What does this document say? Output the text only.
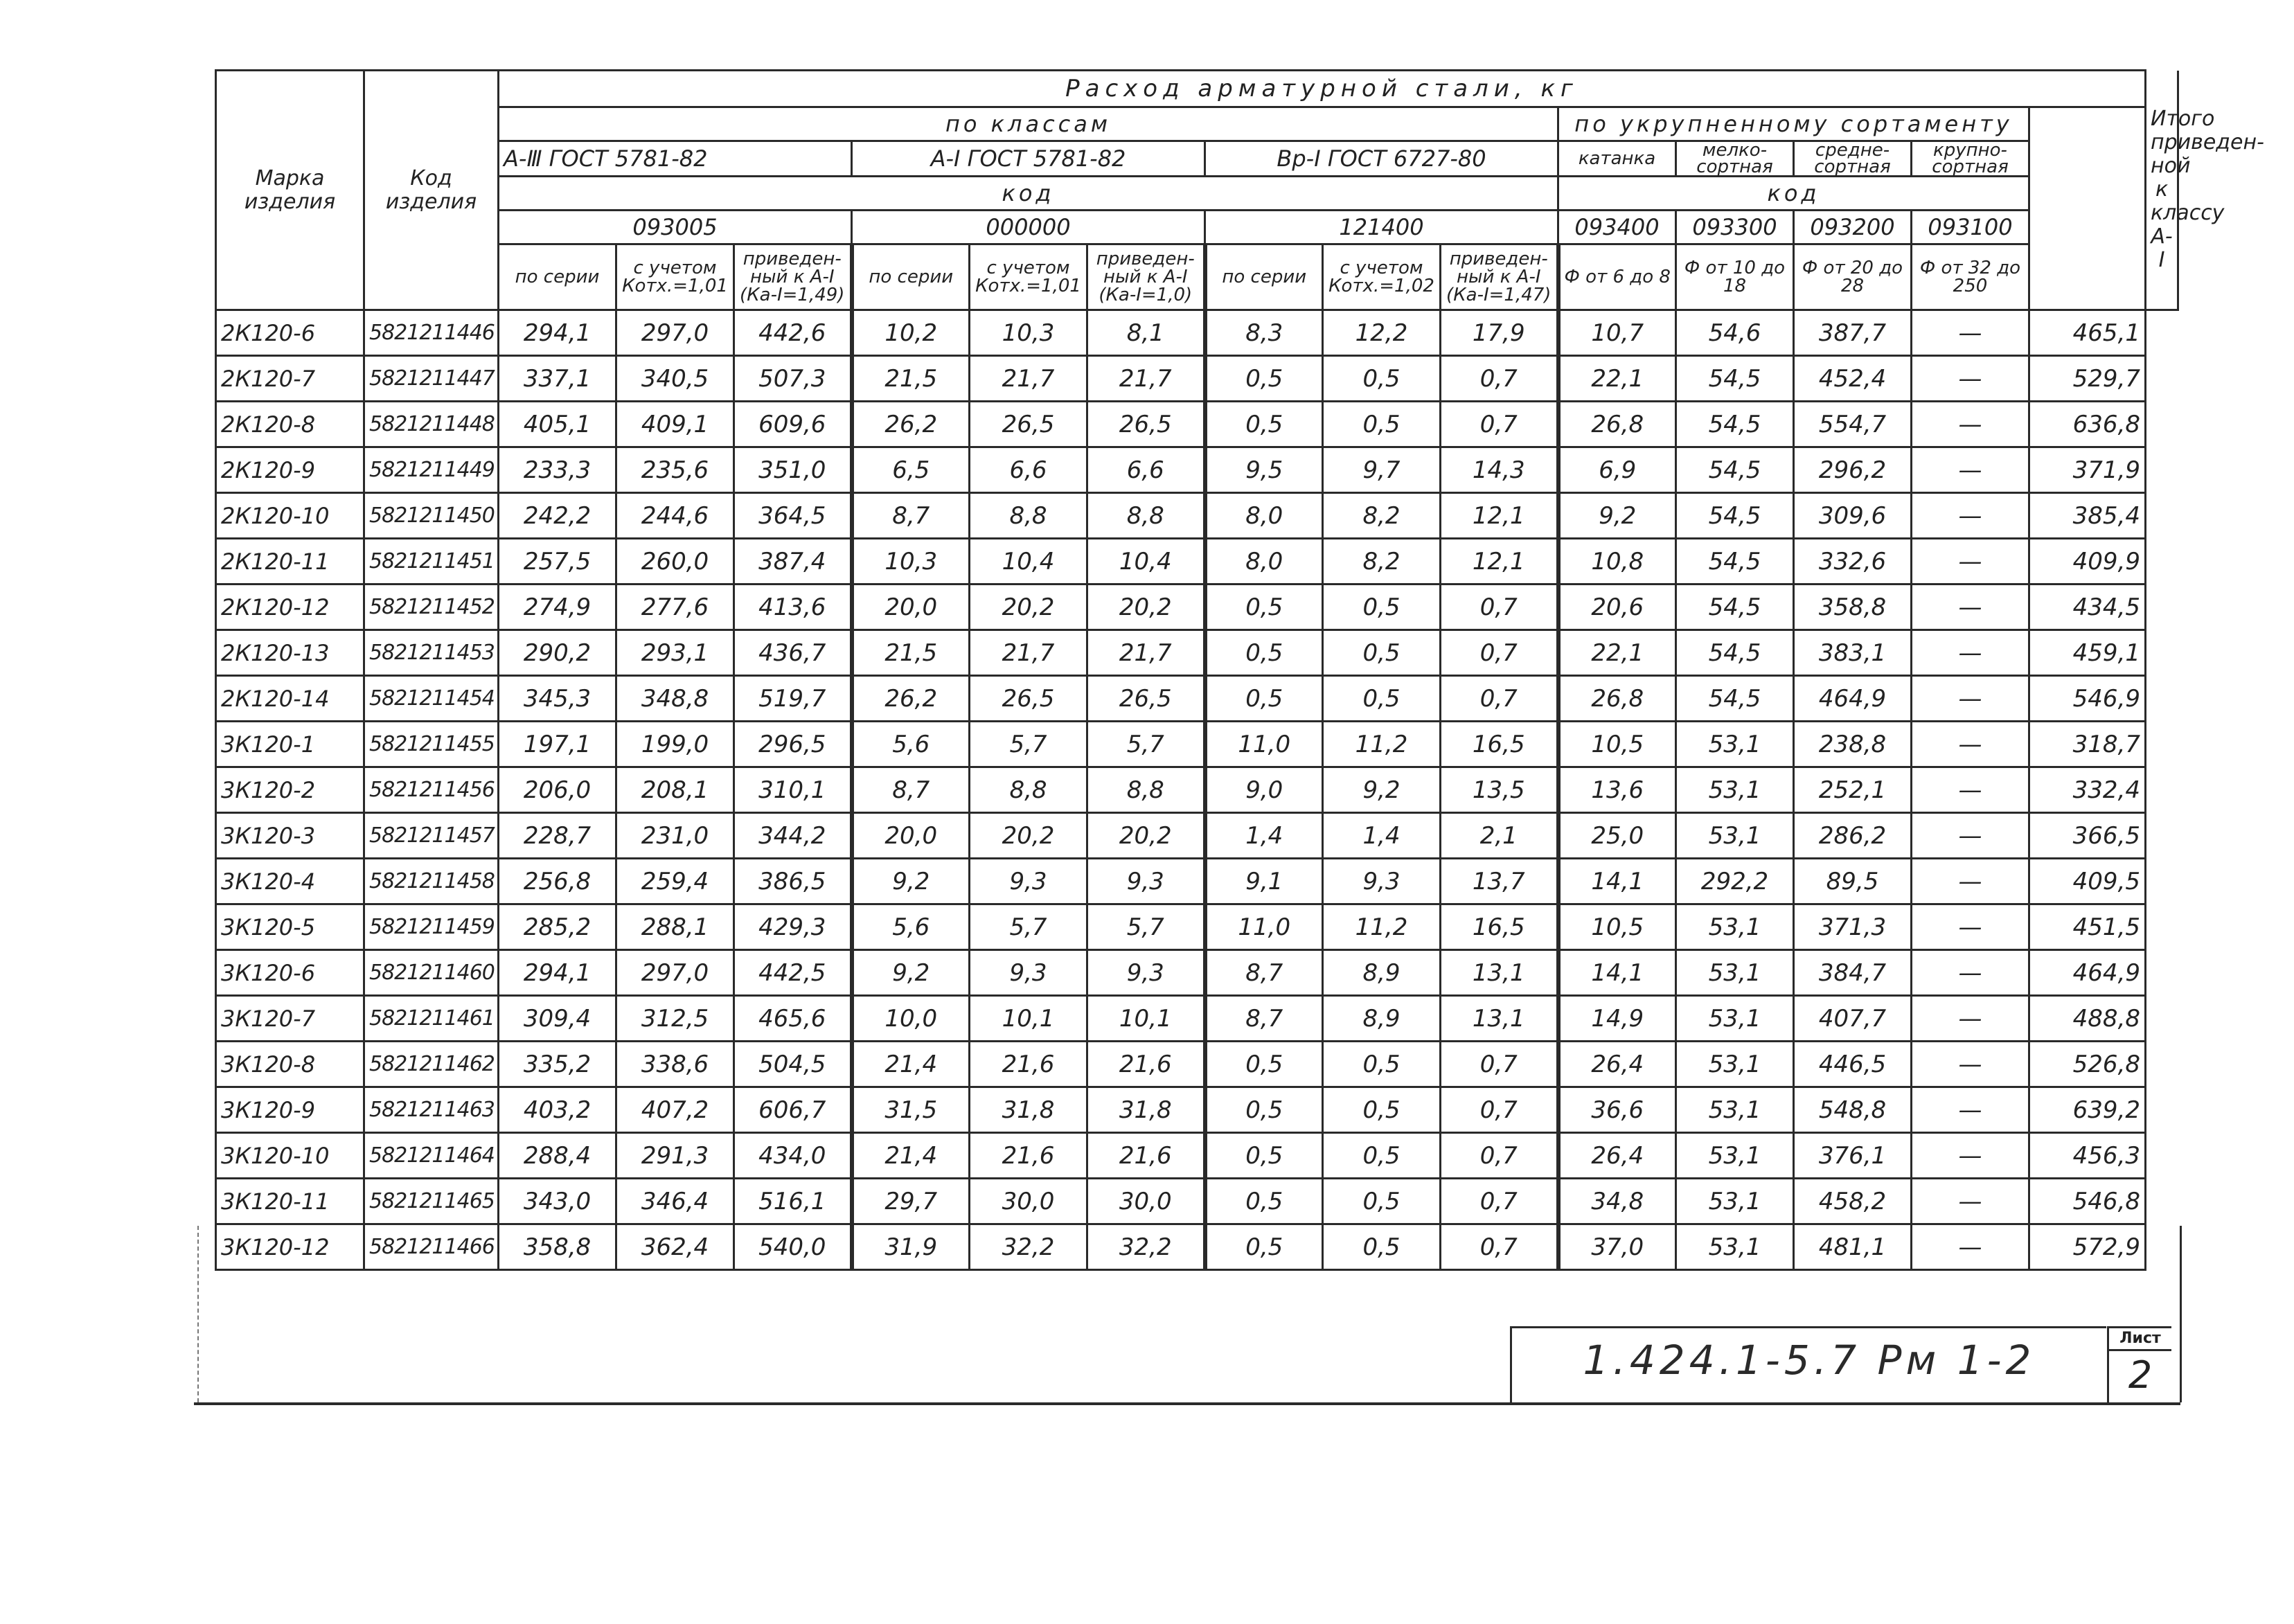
Марка изделия	Код изделия	Расход арматурной стали, кг														Итого приведен-ной к классу А-Ⅰ
		по классам									по укрупненному сортаменту					
		А-Ⅲ ГОСТ 5781-82			А-Ⅰ ГОСТ 5781-82			Вр-Ⅰ ГОСТ 6727-80			катанка	мелко-сортная	средне-сортная	крупно-сортная		
		код									код					
		093005			000000			121400			093400	093300	093200	093100		
		по серии	с учетом Котх.=1,01	приведен-ный к А-Ⅰ (Ка-Ⅰ=1,49)	по серии	с учетом Котх.=1,01	приведен-ный к А-Ⅰ (Ка-Ⅰ=1,0)	по серии	с учетом Котх.=1,02	приведен-ный к А-Ⅰ (Ка-Ⅰ=1,47)	Ф от 6 до 8	Ф от 10 до 18	Ф от 20 до 28	Ф от 32 до 250		
2К120-6	5821211446	294,1	297,0	442,6	10,2	10,3	8,1	8,3	12,2	17,9	10,7	54,6	387,7	—	465,1	
2К120-7	5821211447	337,1	340,5	507,3	21,5	21,7	21,7	0,5	0,5	0,7	22,1	54,5	452,4	—	529,7	
2К120-8	5821211448	405,1	409,1	609,6	26,2	26,5	26,5	0,5	0,5	0,7	26,8	54,5	554,7	—	636,8	
2К120-9	5821211449	233,3	235,6	351,0	6,5	6,6	6,6	9,5	9,7	14,3	6,9	54,5	296,2	—	371,9	
2К120-10	5821211450	242,2	244,6	364,5	8,7	8,8	8,8	8,0	8,2	12,1	9,2	54,5	309,6	—	385,4	
2К120-11	5821211451	257,5	260,0	387,4	10,3	10,4	10,4	8,0	8,2	12,1	10,8	54,5	332,6	—	409,9	
2К120-12	5821211452	274,9	277,6	413,6	20,0	20,2	20,2	0,5	0,5	0,7	20,6	54,5	358,8	—	434,5	
2К120-13	5821211453	290,2	293,1	436,7	21,5	21,7	21,7	0,5	0,5	0,7	22,1	54,5	383,1	—	459,1	
2К120-14	5821211454	345,3	348,8	519,7	26,2	26,5	26,5	0,5	0,5	0,7	26,8	54,5	464,9	—	546,9	
3К120-1	5821211455	197,1	199,0	296,5	5,6	5,7	5,7	11,0	11,2	16,5	10,5	53,1	238,8	—	318,7	
3К120-2	5821211456	206,0	208,1	310,1	8,7	8,8	8,8	9,0	9,2	13,5	13,6	53,1	252,1	—	332,4	
3К120-3	5821211457	228,7	231,0	344,2	20,0	20,2	20,2	1,4	1,4	2,1	25,0	53,1	286,2	—	366,5	
3К120-4	5821211458	256,8	259,4	386,5	9,2	9,3	9,3	9,1	9,3	13,7	14,1	292,2	89,5	—	409,5	
3К120-5	5821211459	285,2	288,1	429,3	5,6	5,7	5,7	11,0	11,2	16,5	10,5	53,1	371,3	—	451,5	
3К120-6	5821211460	294,1	297,0	442,5	9,2	9,3	9,3	8,7	8,9	13,1	14,1	53,1	384,7	—	464,9	
3К120-7	5821211461	309,4	312,5	465,6	10,0	10,1	10,1	8,7	8,9	13,1	14,9	53,1	407,7	—	488,8	
3К120-8	5821211462	335,2	338,6	504,5	21,4	21,6	21,6	0,5	0,5	0,7	26,4	53,1	446,5	—	526,8	
3К120-9	5821211463	403,2	407,2	606,7	31,5	31,8	31,8	0,5	0,5	0,7	36,6	53,1	548,8	—	639,2	
3К120-10	5821211464	288,4	291,3	434,0	21,4	21,6	21,6	0,5	0,5	0,7	26,4	53,1	376,1	—	456,3	
3К120-11	5821211465	343,0	346,4	516,1	29,7	30,0	30,0	0,5	0,5	0,7	34,8	53,1	458,2	—	546,8	
3К120-12	5821211466	358,8	362,4	540,0	31,9	32,2	32,2	0,5	0,5	0,7	37,0	53,1	481,1	—	572,9	
1.424.1-5.7 Рм 1-2	Лист
2
